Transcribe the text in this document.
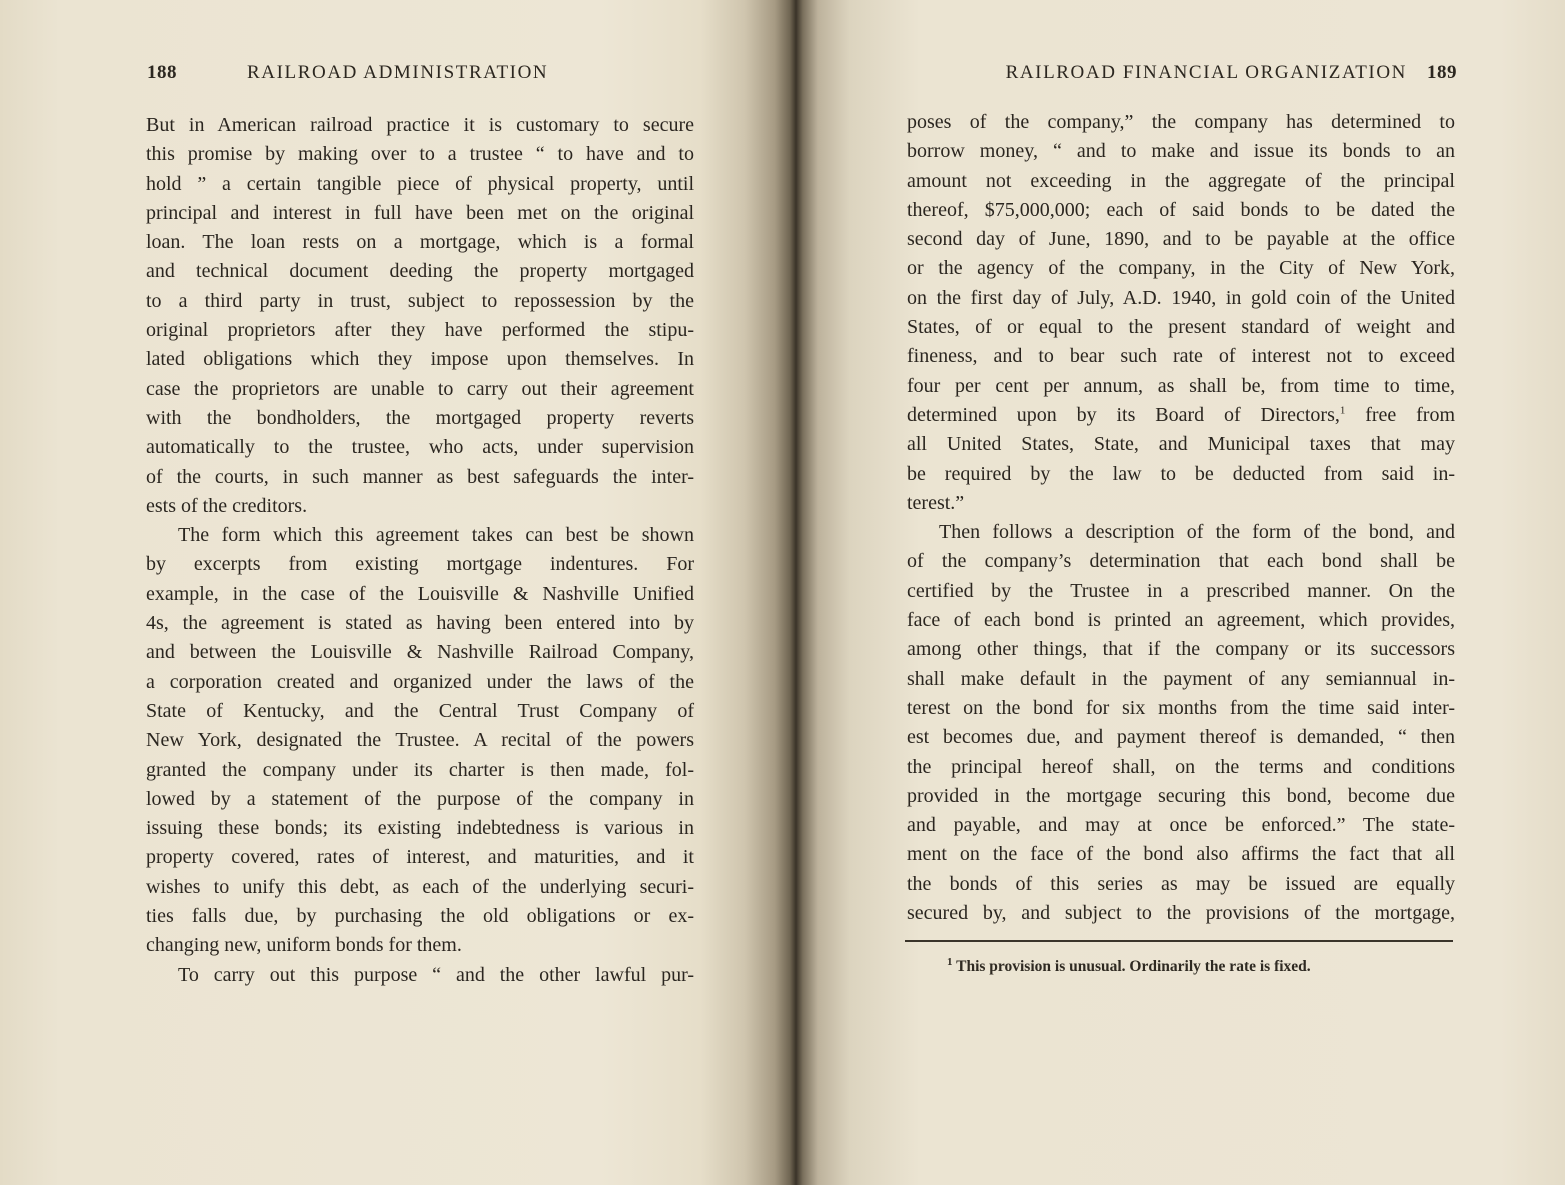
188	RAILROAD ADMINISTRATION
But in American railroad practice it is customary to secure
this promise by making over to a trustee “ to have and to
hold ” a certain tangible piece of physical property, until
principal and interest in full have been met on the original
loan. The loan rests on a mortgage, which is a formal
and technical document deeding the property mortgaged
to a third party in trust, subject to repossession by the
original proprietors after they have performed the stipu-
lated obligations which they impose upon themselves. In
case the proprietors are unable to carry out their agreement
with the bondholders, the mortgaged property reverts
automatically to the trustee, who acts, under supervision
of the courts, in such manner as best safeguards the inter-
ests of the creditors.
The form which this agreement takes can best be shown
by excerpts from existing mortgage indentures. For
example, in the case of the Louisville & Nashville Unified
4s, the agreement is stated as having been entered into by
and between the Louisville & Nashville Railroad Company,
a corporation created and organized under the laws of the
State of Kentucky, and the Central Trust Company of
New York, designated the Trustee. A recital of the powers
granted the company under its charter is then made, fol-
lowed by a statement of the purpose of the company in
issuing these bonds; its existing indebtedness is various in
property covered, rates of interest, and maturities, and it
wishes to unify this debt, as each of the underlying securi-
ties falls due, by purchasing the old obligations or ex-
changing new, uniform bonds for them.
To carry out this purpose “ and the other lawful pur-
RAILROAD FINANCIAL ORGANIZATION 189
poses of the company,” the company has determined to
borrow money, “ and to make and issue its bonds to an
amount not exceeding in the aggregate of the principal
thereof, $75,000,000; each of said bonds to be dated the
second day of June, 1890, and to be payable at the office
or the agency of the company, in the City of New York,
on the first day of July, A.D. 1940, in gold coin of the United
States, of or equal to the present standard of weight and
fineness, and to bear such rate of interest not to exceed
four per cent per annum, as shall be, from time to time,
determined upon by its Board of Directors,$^1$ free from
all United States, State, and Municipal taxes that may
be required by the law to be deducted from said in-
terest.”
Then follows a description of the form of the bond, and
of the company’s determination that each bond shall be
certified by the Trustee in a prescribed manner. On the
face of each bond is printed an agreement, which provides,
among other things, that if the company or its successors
shall make default in the payment of any semiannual in-
terest on the bond for six months from the time said inter-
est becomes due, and payment thereof is demanded, “ then
the principal hereof shall, on the terms and conditions
provided in the mortgage securing this bond, become due
and payable, and may at once be enforced.” The state-
ment on the face of the bond also affirms the fact that all
the bonds of this series as may be issued are equally
secured by, and subject to the provisions of the mortgage,
$^1$ This provision is unusual. Ordinarily the rate is fixed.
